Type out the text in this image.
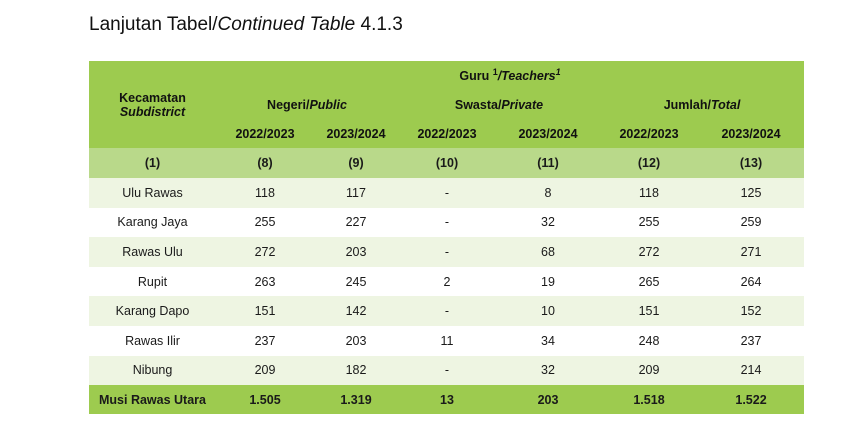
Lanjutan Tabel/Continued Table 4.1.3
Kecamatan
Subdistrict	Guru $^1$/Teachers$^1$
	Negeri/Public		Swasta/Private		Jumlah/Total	
	2022/2023	2023/2024	2022/2023	2023/2024	2022/2023	2023/2024
(1)	(8)	(9)	(10)	(11)	(12)	(13)
Ulu Rawas	118	117	-	8	118	125
Karang Jaya	255	227	-	32	255	259
Rawas Ulu	272	203	-	68	272	271
Rupit	263	245	2	19	265	264
Karang Dapo	151	142	-	10	151	152
Rawas Ilir	237	203	11	34	248	237
Nibung	209	182	-	32	209	214
Musi Rawas Utara	1.505	1.319	13	203	1.518	1.522
